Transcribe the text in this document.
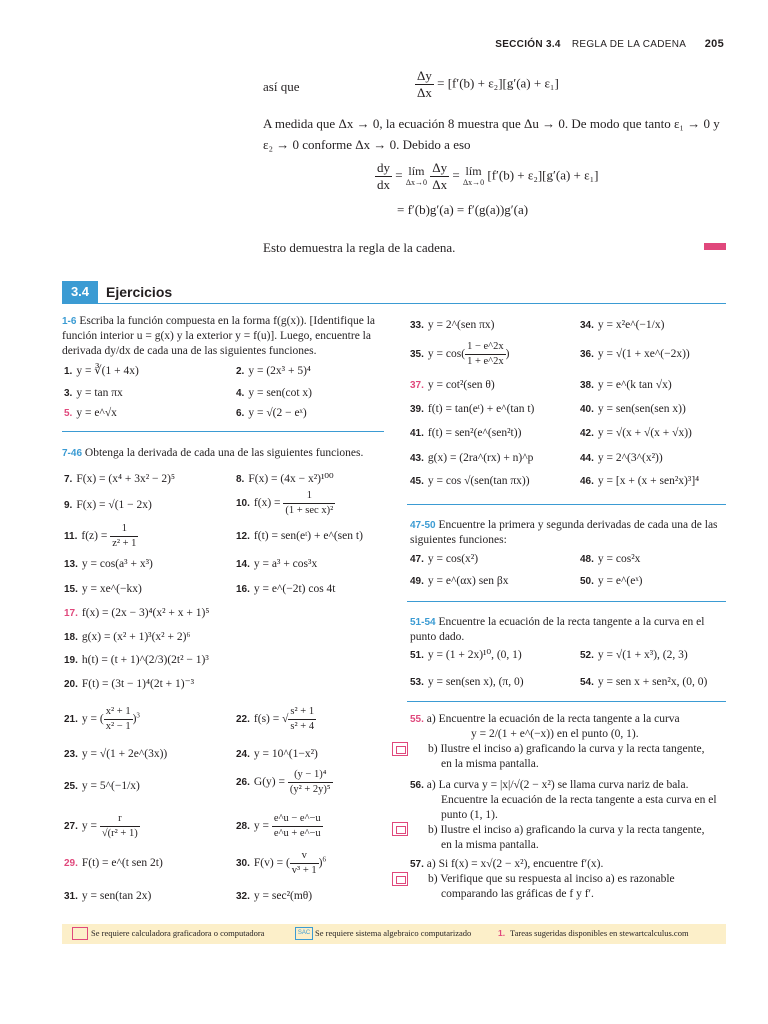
SECCIÓN 3.4 REGLA DE LA CADENA 205
así que	$\frac{\Delta y}{\Delta x} = [f'(b) + \varepsilon_2][g'(a) + \varepsilon_1]$
A medida que Δx → 0, la ecuación 8 muestra que Δu → 0. De modo que tanto ε₁ → 0 y ε₂ → 0 conforme Δx → 0. Debido a eso
$\frac{dy}{dx}$ = lím
Δx→0
$\frac{\Delta y}{\Delta x}$ = lím
Δx→0 [f′(b) + ε₂][g′(a) + ε₁]
= f′(b)g′(a) = f′(g(a))g′(a)
Esto demuestra la regla de la cadena.
3.4	Ejercicios
1-6 Escriba la función compuesta en la forma f(g(x)). [Identifique la función interior u = g(x) y la exterior y = f(u)]. Luego, encuentre la derivada dy/dx de cada una de las siguientes funciones.
1. y = ∛(1 + 4x)	2. y = (2x³ + 5)⁴
3. y = tan πx	4. y = sen(cot x)
5. y = e^√x	6. y = √(2 − eˣ)
7-46 Obtenga la derivada de cada una de las siguientes funciones.
7. F(x) = (x⁴ + 3x² − 2)⁵	8. F(x) = (4x − x²)¹⁰⁰
9. F(x) = √(1 − 2x)	10. $f(x) = \frac{1}{\text{(1 + sec x)²}}$
11. $f(z) = \frac{1}{\text{z² + 1}}$	12. f(t) = sen(eᵗ) + e^(sen t)
13. y = cos(a³ + x³)	14. y = a³ + cos³x
15. y = xe^(−kx)	16. y = e^(−2t) cos 4t
17. f(x) = (2x − 3)⁴(x² + x + 1)⁵
18. g(x) = (x² + 1)³(x² + 2)⁶
19. h(t) = (t + 1)^(2/3)(2t² − 1)³
20. F(t) = (3t − 1)⁴(2t + 1)⁻³
21. y = ( $\frac{\text{x² + 1}}{\text{x² − 1}} )^3$	22. f(s) = √ $\frac{\text{s² + 1}}{\text{s² + 4}}$
23. y = √(1 + 2e^(3x))	24. y = 10^(1−x²)
25. y = 5^(−1/x)	26. $G(y) = \frac{\text{(y − 1)⁴}}{\text{(y² + 2y)⁵}}$
27. $y = \frac{r}{\text{√(r² + 1)}}$	28. $y = \frac{e\^{}u - e\^{}-u}{e\^{}u + e\^{}-u}$
29. F(t) = e^(t sen 2t)	30. F(v) = ( $\frac{v}{\text{v³ + 1}} )^6$
31. y = sen(tan 2x)	32. y = sec²(mθ)
33. y = 2^(sen πx)	34. y = x²e^(−1/x)
35. $y = \cos( \frac{1 - e\^{}2x}{1 + e\^{}2x}$ )	36. y = √(1 + xe^(−2x))
37. y = cot²(sen θ)	38. y = e^(k tan √x)
39. f(t) = tan(eᵗ) + e^(tan t)	40. y = sen(sen(sen x))
41. f(t) = sen²(e^(sen²t))	42. y = √(x + √(x + √x))
43. g(x) = (2ra^(rx) + n)^p	44. y = 2^(3^(x²))
45. y = cos √(sen(tan πx))	46. y = [x + (x + sen²x)³]⁴
47-50 Encuentre la primera y segunda derivadas de cada una de las siguientes funciones:
47. y = cos(x²)	48. y = cos²x
49. y = e^(αx) sen βx	50. y = e^(eˣ)
51-54 Encuentre la ecuación de la recta tangente a la curva en el punto dado.
51. y = (1 + 2x)¹⁰, (0, 1)	52. y = √(1 + x³), (2, 3)
53. y = sen(sen x), (π, 0)	54. y = sen x + sen²x, (0, 0)
55. a) Encuentre la ecuación de la recta tangente a la curva
y = 2/(1 + e^(−x)) en el punto (0, 1).
b) Ilustre el inciso a) graficando la curva y la recta tangente,
en la misma pantalla.
56. a) La curva y = |x|/√(2 − x²) se llama curva nariz de bala.
Encuentre la ecuación de la recta tangente a esta curva en el
punto (1, 1).
b) Ilustre el inciso a) graficando la curva y la recta tangente,
en la misma pantalla.
57. a) Si f(x) = x√(2 − x²), encuentre f′(x).
b) Verifique que su respuesta al inciso a) es razonable
comparando las gráficas de f y f′.
Se requiere calculadora graficadora o computadora	SAC Se requiere sistema algebraico computarizado	1. Tareas sugeridas disponibles en stewartcalculus.com
